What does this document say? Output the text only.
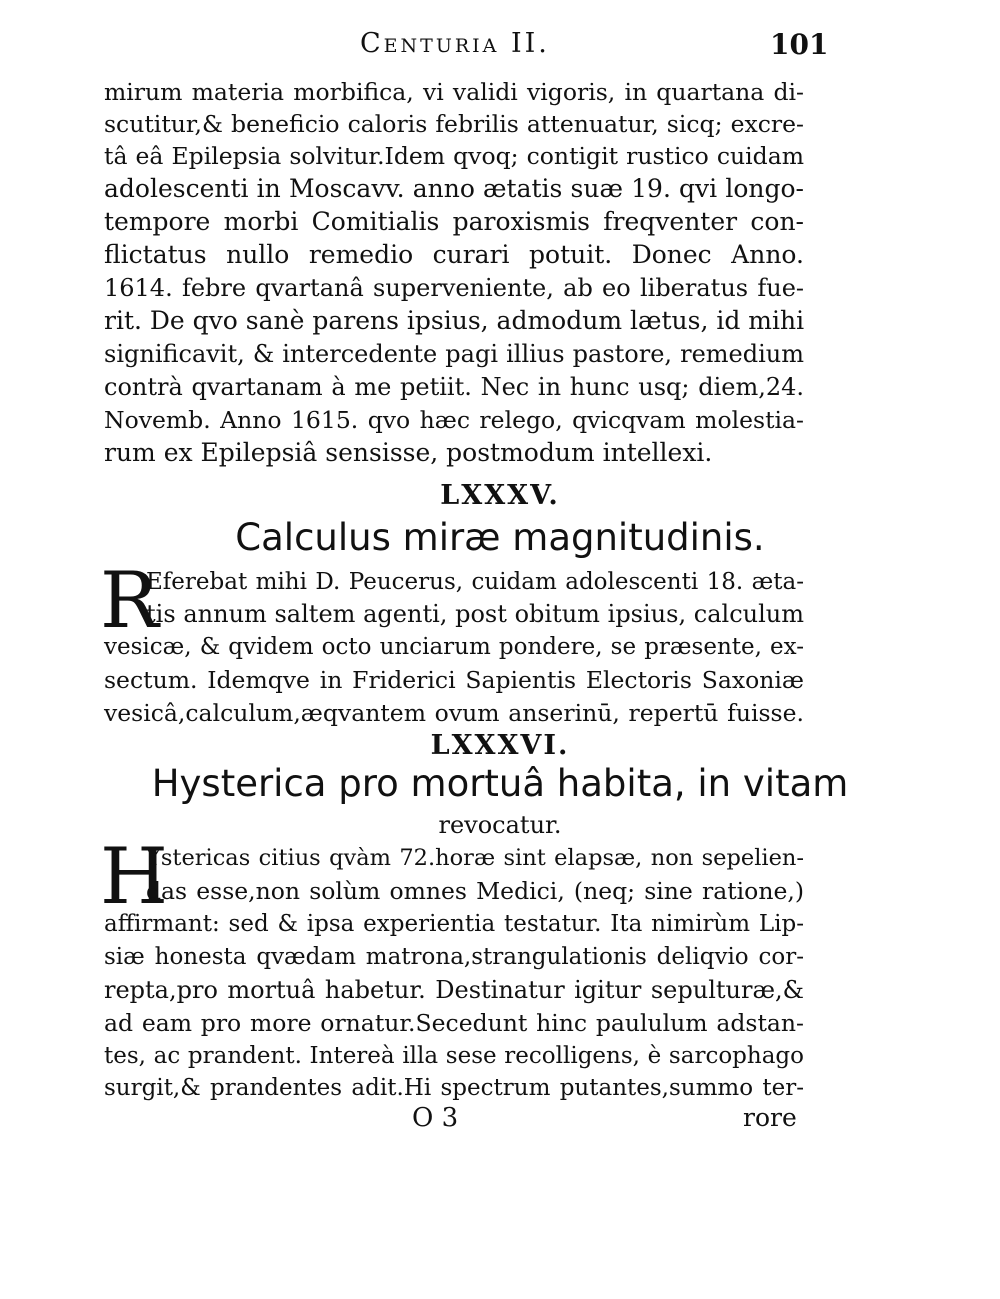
Centuria II.	101
mirum materia morbifica, vi validi vigoris, in quartana di-
scutitur,& beneficio caloris febrilis attenuatur, sicq; excre-
tâ eâ Epilepsia solvitur.Idem qvoq; contigit rustico cuidam
adolescenti in Moscavv. anno ætatis suæ 19. qvi longo-
tempore morbi Comitialis paroxismis freqventer con-
flictatus nullo remedio curari potuit. Donec Anno.
1614. febre qvartanâ supervenientе, ab eo liberatus fue-
rit. De qvo sanè parens ipsius, admodum lætus, id mihi
significavit, & intercedente pagi illius pastore, remedium
contrà qvartanam à me petiit. Nec in hunc usq; diem,24.
Novemb. Anno 1615. qvo hæc relego, qvicqvam molestia-
rum ex Epilepsiâ sensisse, postmodum intellexi.
LXXXV.
Calculus miræ magnitudinis.
R
Eferebat mihi D. Peucerus, cuidam adolescenti 18. æta-
tis annum saltem agenti, post obitum ipsius, calculum
vesicæ, & qvidem octo unciarum pondere, se præsente, ex-
sectum. Idemqve in Friderici Sapientis Electoris Saxoniæ
vesicâ,calculum,æqvantem ovum anserinū, repertū fuisse.
LXXXVI.
Hysterica pro mortuâ habita, in vitam
revocatur.
H
Ystericas citius qvàm 72.horæ sint elapsæ, non sepelien-
das esse,non solùm omnes Medici, (neq; sine ratione,)
affirmant: sed & ipsa experientia testatur. Ita nimirùm Lip-
siæ honesta qvædam matrona,strangulationis deliqvio cor-
repta,pro mortuâ habetur. Destinatur igitur sepulturæ,&
ad eam pro more ornatur.Secedunt hinc paululum adstan-
tes, ac prandent. Intereà illa sese recolligens, è sarcophago
surgit,& prandentes adit.Hi spectrum putantes,summo ter-
O 3	rore
